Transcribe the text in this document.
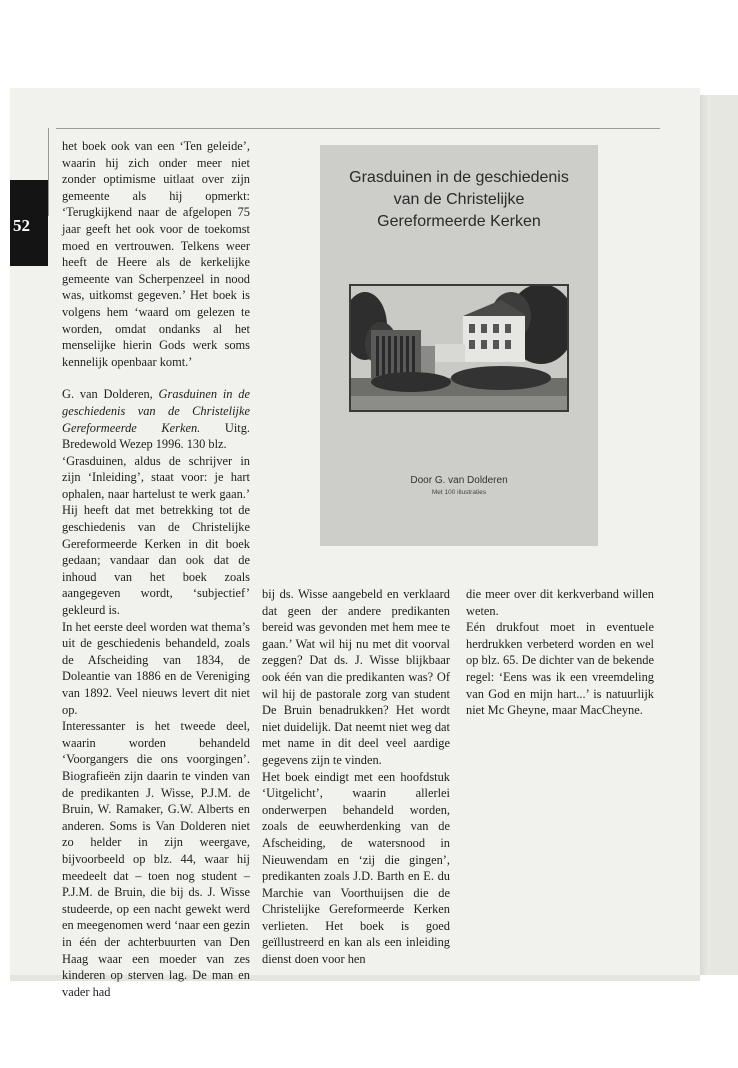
52

het boek ook van een ‘Ten geleide’, waarin hij zich onder meer niet zonder optimisme uitlaat over zijn gemeente als hij opmerkt: ‘Terugkijkend naar de afgelopen 75 jaar geeft het ook voor de toekomst moed en vertrouwen. Telkens weer heeft de Heere als de kerkelijke gemeente van Scherpenzeel in nood was, uitkomst gegeven.’ Het boek is volgens hem ‘waard om gelezen te worden, omdat ondanks al het menselijke hierin Gods werk soms kennelijk openbaar komt.’

G. van Dolderen, Grasduinen in de geschiedenis van de Christelijke Gereformeerde Kerken. Uitg. Bredewold Wezep 1996. 130 blz.

‘Grasduinen, aldus de schrijver in zijn ‘Inleiding’, staat voor: je hart ophalen, naar hartelust te werk gaan.’ Hij heeft dat met betrekking tot de geschiedenis van de Christelijke Gereformeerde Kerken in dit boek gedaan; vandaar dan ook dat de inhoud van het boek zoals aangegeven wordt, ‘subjectief’ gekleurd is.

In het eerste deel worden wat thema’s uit de geschiedenis behandeld, zoals de Afscheiding van 1834, de Doleantie van 1886 en de Vereniging van 1892. Veel nieuws levert dit niet op.

Interessanter is het tweede deel, waarin worden behandeld ‘Voorgangers die ons voorgingen’. Biografieën zijn daarin te vinden van de predikanten J. Wisse, P.J.M. de Bruin, W. Ramaker, G.W. Alberts en anderen. Soms is Van Dolderen niet zo helder in zijn weergave, bijvoorbeeld op blz. 44, waar hij meedeelt dat – toen nog student – P.J.M. de Bruin, die bij ds. J. Wisse studeerde, op een nacht gewekt werd en meegenomen werd ‘naar een gezin in één der achterbuurten van Den Haag waar een moeder van zes kinderen op sterven lag. De man en vader had

Grasduinen in de geschiedenis
van de Christelijke
Gereformeerde Kerken
Door G. van Dolderen
Met 100 illustraties

bij ds. Wisse aangebeld en verklaard dat geen der andere predikanten bereid was gevonden met hem mee te gaan.’ Wat wil hij nu met dit voorval zeggen? Dat ds. J. Wisse blijkbaar ook één van die predikanten was? Of wil hij de pastorale zorg van student De Bruin benadrukken? Het wordt niet duidelijk. Dat neemt niet weg dat met name in dit deel veel aardige gegevens zijn te vinden.

Het boek eindigt met een hoofdstuk ‘Uitgelicht’, waarin allerlei onderwerpen behandeld worden, zoals de eeuwherdenking van de Afscheiding, de watersnood in Nieuwendam en ‘zij die gingen’, predikanten zoals J.D. Barth en E. du Marchie van Voorthuijsen die de Christelijke Gereformeerde Kerken verlieten. Het boek is goed geïllustreerd en kan als een inleiding dienst doen voor hen

die meer over dit kerkverband willen weten.

Eén drukfout moet in eventuele herdrukken verbeterd worden en wel op blz. 65. De dichter van de bekende regel: ‘Eens was ik een vreemdeling van God en mijn hart...’ is natuurlijk niet Mc Gheyne, maar MacCheyne.
